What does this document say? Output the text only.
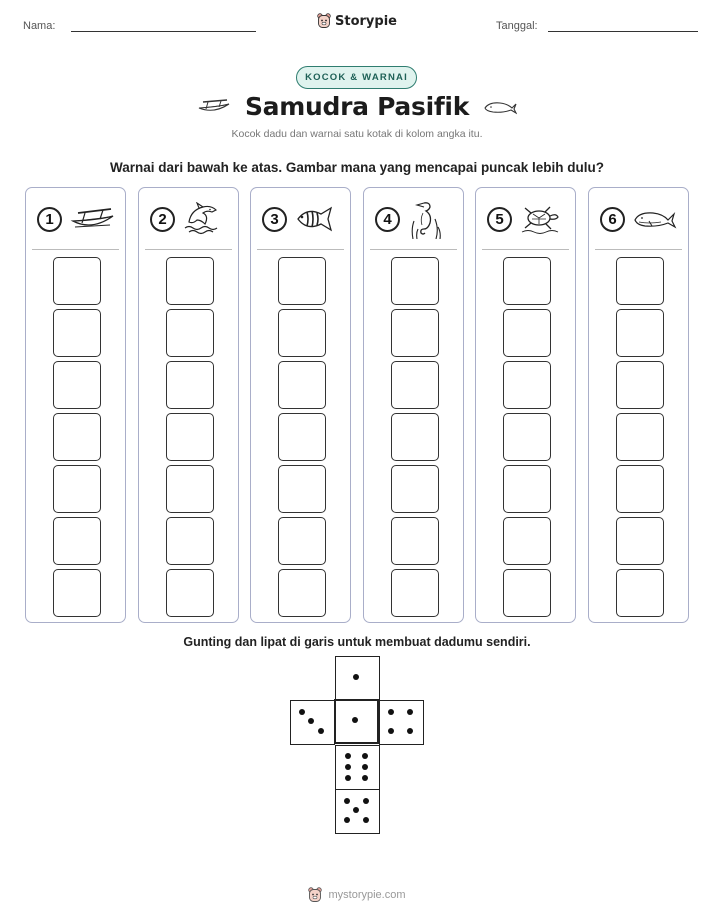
Nama:	Storypie	Tanggal:
KOCOK & WARNAI
Samudra Pasifik
Kocok dadu dan warnai satu kotak di kolom angka itu.
Warnai dari bawah ke atas. Gambar mana yang mencapai puncak lebih dulu?
1	2	3	4	5	6
Gunting dan lipat di garis untuk membuat dadumu sendiri.
mystorypie.com
